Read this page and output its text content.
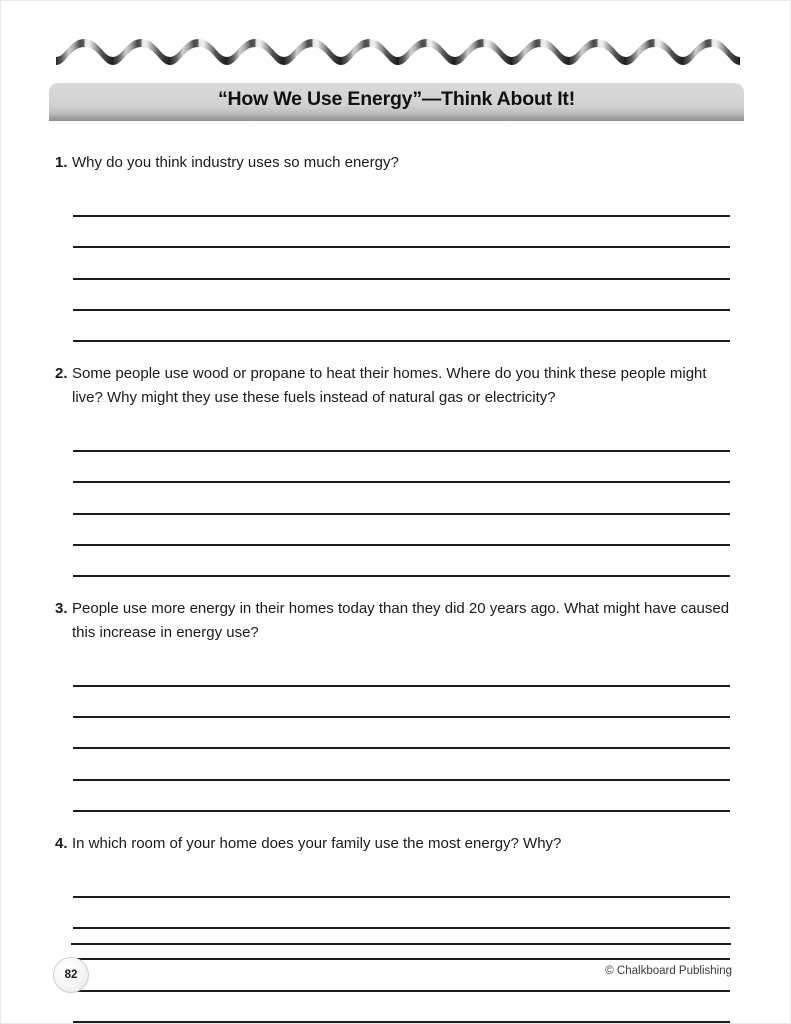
“How We Use Energy”—Think About It!
1. Why do you think industry uses so much energy?
2. Some people use wood or propane to heat their homes. Where do you think these people might live? Why might they use these fuels instead of natural gas or electricity?
3. People use more energy in their homes today than they did 20 years ago. What might have caused this increase in energy use?
4. In which room of your home does your family use the most energy? Why?
82	© Chalkboard Publishing
